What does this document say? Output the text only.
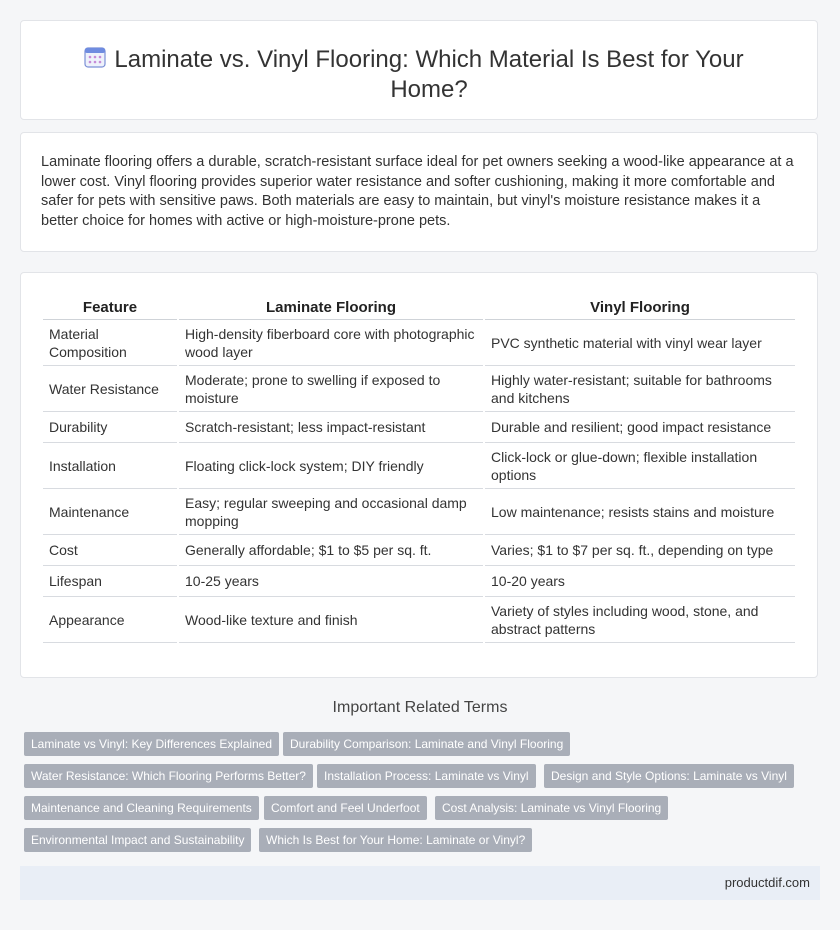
Laminate vs. Vinyl Flooring: Which Material Is Best for Your Home?

Laminate flooring offers a durable, scratch-resistant surface ideal for pet owners seeking a wood-like appearance at a lower cost. Vinyl flooring provides superior water resistance and softer cushioning, making it more comfortable and safer for pets with sensitive paws. Both materials are easy to maintain, but vinyl's moisture resistance makes it a better choice for homes with active or high-moisture-prone pets.

Feature	Laminate Flooring	Vinyl Flooring
Material Composition	High-density fiberboard core with photographic wood layer	PVC synthetic material with vinyl wear layer
Water Resistance	Moderate; prone to swelling if exposed to moisture	Highly water-resistant; suitable for bathrooms and kitchens
Durability	Scratch-resistant; less impact-resistant	Durable and resilient; good impact resistance
Installation	Floating click-lock system; DIY friendly	Click-lock or glue-down; flexible installation options
Maintenance	Easy; regular sweeping and occasional damp mopping	Low maintenance; resists stains and moisture
Cost	Generally affordable; $1 to $5 per sq. ft.	Varies; $1 to $7 per sq. ft., depending on type
Lifespan	10-25 years	10-20 years
Appearance	Wood-like texture and finish	Variety of styles including wood, stone, and abstract patterns
Important Related Terms
Laminate vs Vinyl: Key Differences Explained	Durability Comparison: Laminate and Vinyl Flooring
Water Resistance: Which Flooring Performs Better?	Installation Process: Laminate vs Vinyl	Design and Style Options: Laminate vs Vinyl
Maintenance and Cleaning Requirements	Comfort and Feel Underfoot	Cost Analysis: Laminate vs Vinyl Flooring
Environmental Impact and Sustainability	Which Is Best for Your Home: Laminate or Vinyl?
productdif.com
